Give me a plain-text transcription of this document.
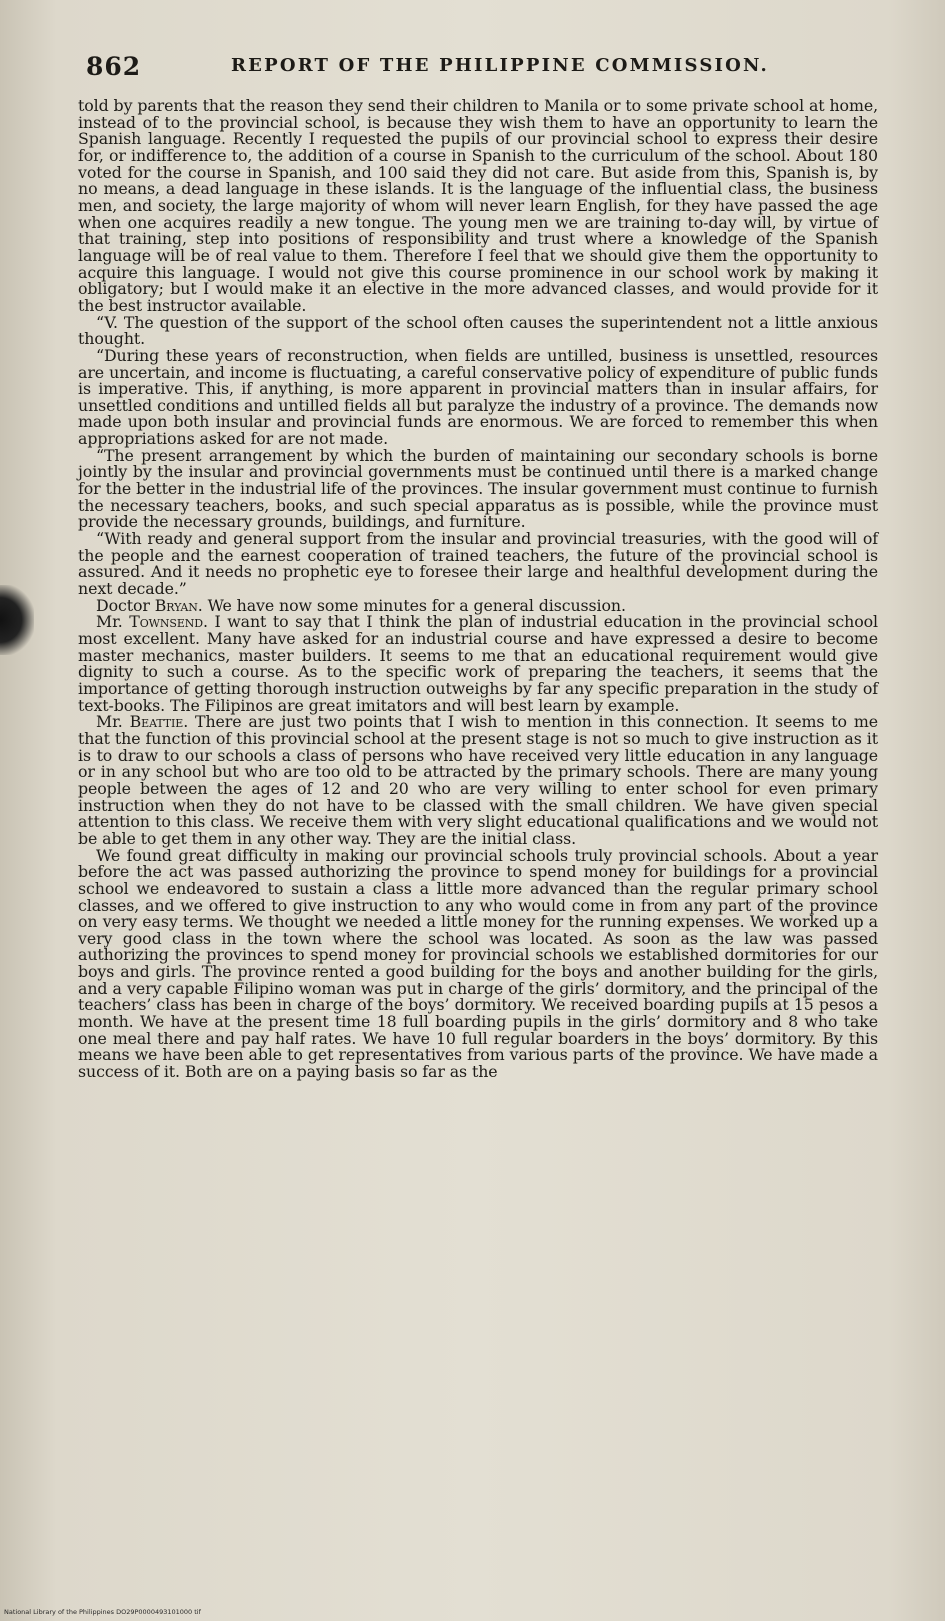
862	REPORT OF THE PHILIPPINE COMMISSION.

told by parents that the reason they send their children to Manila or to some private school at home, instead of to the provincial school, is because they wish them to have an opportunity to learn the Spanish language. Recently I requested the pupils of our provincial school to express their desire for, or indifference to, the addition of a course in Spanish to the curriculum of the school. About 180 voted for the course in Spanish, and 100 said they did not care. But aside from this, Spanish is, by no means, a dead language in these islands. It is the language of the influential class, the business men, and society, the large majority of whom will never learn English, for they have passed the age when one acquires readily a new tongue. The young men we are training to-day will, by virtue of that training, step into positions of responsibility and trust where a knowledge of the Spanish language will be of real value to them. Therefore I feel that we should give them the opportunity to acquire this language. I would not give this course prominence in our school work by making it obligatory; but I would make it an elective in the more advanced classes, and would provide for it the best instructor available.

“V. The question of the support of the school often causes the superintendent not a little anxious thought.

“During these years of reconstruction, when fields are untilled, business is unsettled, resources are uncertain, and income is fluctuating, a careful conservative policy of expenditure of public funds is imperative. This, if anything, is more apparent in provincial matters than in insular affairs, for unsettled conditions and untilled fields all but paralyze the industry of a province. The demands now made upon both insular and provincial funds are enormous. We are forced to remember this when appropriations asked for are not made.

“The present arrangement by which the burden of maintaining our secondary schools is borne jointly by the insular and provincial governments must be continued until there is a marked change for the better in the industrial life of the provinces. The insular government must continue to furnish the necessary teachers, books, and such special apparatus as is possible, while the province must provide the necessary grounds, buildings, and furniture.

“With ready and general support from the insular and provincial treasuries, with the good will of the people and the earnest cooperation of trained teachers, the future of the provincial school is assured. And it needs no prophetic eye to foresee their large and healthful development during the next decade.”

Doctor Bryan. We have now some minutes for a general discussion.

Mr. Townsend. I want to say that I think the plan of industrial education in the provincial school most excellent. Many have asked for an industrial course and have expressed a desire to become master mechanics, master builders. It seems to me that an educational requirement would give dignity to such a course. As to the specific work of preparing the teachers, it seems that the importance of getting thorough instruction outweighs by far any specific preparation in the study of text-books. The Filipinos are great imitators and will best learn by example.

Mr. Beattie. There are just two points that I wish to mention in this connection. It seems to me that the function of this provincial school at the present stage is not so much to give instruction as it is to draw to our schools a class of persons who have received very little education in any language or in any school but who are too old to be attracted by the primary schools. There are many young people between the ages of 12 and 20 who are very willing to enter school for even primary instruction when they do not have to be classed with the small children. We have given special attention to this class. We receive them with very slight educational qualifications and we would not be able to get them in any other way. They are the initial class.

We found great difficulty in making our provincial schools truly provincial schools. About a year before the act was passed authorizing the province to spend money for buildings for a provincial school we endeavored to sustain a class a little more advanced than the regular primary school classes, and we offered to give instruction to any who would come in from any part of the province on very easy terms. We thought we needed a little money for the running expenses. We worked up a very good class in the town where the school was located. As soon as the law was passed authorizing the provinces to spend money for provincial schools we established dormitories for our boys and girls. The province rented a good building for the boys and another building for the girls, and a very capable Filipino woman was put in charge of the girls’ dormitory, and the principal of the teachers’ class has been in charge of the boys’ dormitory. We received boarding pupils at 15 pesos a month. We have at the present time 18 full boarding pupils in the girls’ dormitory and 8 who take one meal there and pay half rates. We have 10 full regular boarders in the boys’ dormitory. By this means we have been able to get representatives from various parts of the province. We have made a success of it. Both are on a paying basis so far as the

National Library of the Philippines DO29P0000493101000 tif
